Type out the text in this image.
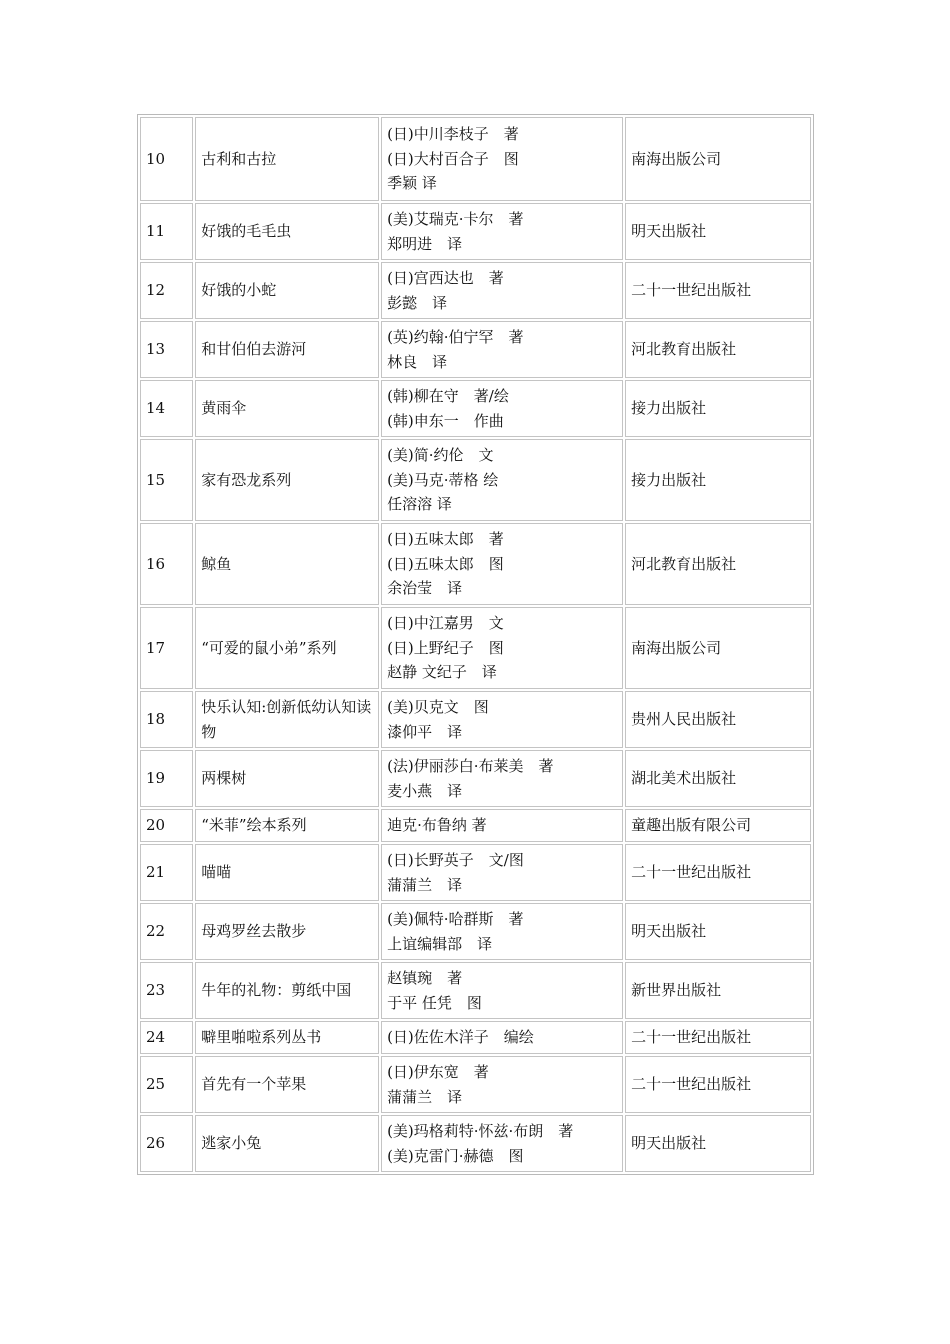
10	古利和古拉	(日)中川李枝子　著
(日)大村百合子　图
季颖 译	南海出版公司
11	好饿的毛毛虫	(美)艾瑞克·卡尔　著
郑明进　译	明天出版社
12	好饿的小蛇	(日)宫西达也　著
彭懿　译	二十一世纪出版社
13	和甘伯伯去游河	(英)约翰·伯宁罕　著
林良　译	河北教育出版社
14	黄雨伞	(韩)柳在守　著/绘
(韩)申东一　作曲	接力出版社
15	家有恐龙系列	(美)简·约伦　文
(美)马克·蒂格 绘
任溶溶 译	接力出版社
16	鲸鱼	(日)五味太郎　著
(日)五味太郎　图
余治莹　译	河北教育出版社
17	“可爱的鼠小弟”系列	(日)中江嘉男　文
(日)上野纪子　图
赵静 文纪子　译	南海出版公司
18	快乐认知:创新低幼认知读物	(美)贝克文　图
漆仰平　译	贵州人民出版社
19	两棵树	(法)伊丽莎白·布莱美　著
麦小燕　译	湖北美术出版社
20	“米菲”绘本系列	迪克·布鲁纳 著	童趣出版有限公司
21	喵喵	(日)长野英子　文/图
蒲蒲兰　译	二十一世纪出版社
22	母鸡罗丝去散步	(美)佩特·哈群斯　著
上谊编辑部　译	明天出版社
23	牛年的礼物：剪纸中国	赵镇琬　著
于平 任凭　图	新世界出版社
24	噼里啪啦系列丛书	(日)佐佐木洋子　编绘	二十一世纪出版社
25	首先有一个苹果	(日)伊东宽　著
蒲蒲兰　译	二十一世纪出版社
26	逃家小兔	(美)玛格莉特·怀兹·布朗　著
(美)克雷门·赫德　图	明天出版社
